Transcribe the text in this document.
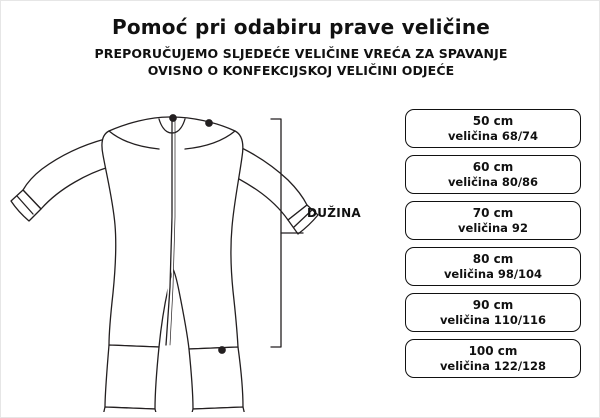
Pomoć pri odabiru prave veličine
PREPORUČUJEMO SLJEDEĆE VELIČINE VREĆA ZA SPAVANJE
OVISNO O KONFEKCIJSKOJ VELIČINI ODJEĆE
DUŽINA
50 cm
veličina 68/74
60 cm
veličina 80/86
70 cm
veličina 92
80 cm
veličina 98/104
90 cm
veličina 110/116
100 cm
veličina 122/128
